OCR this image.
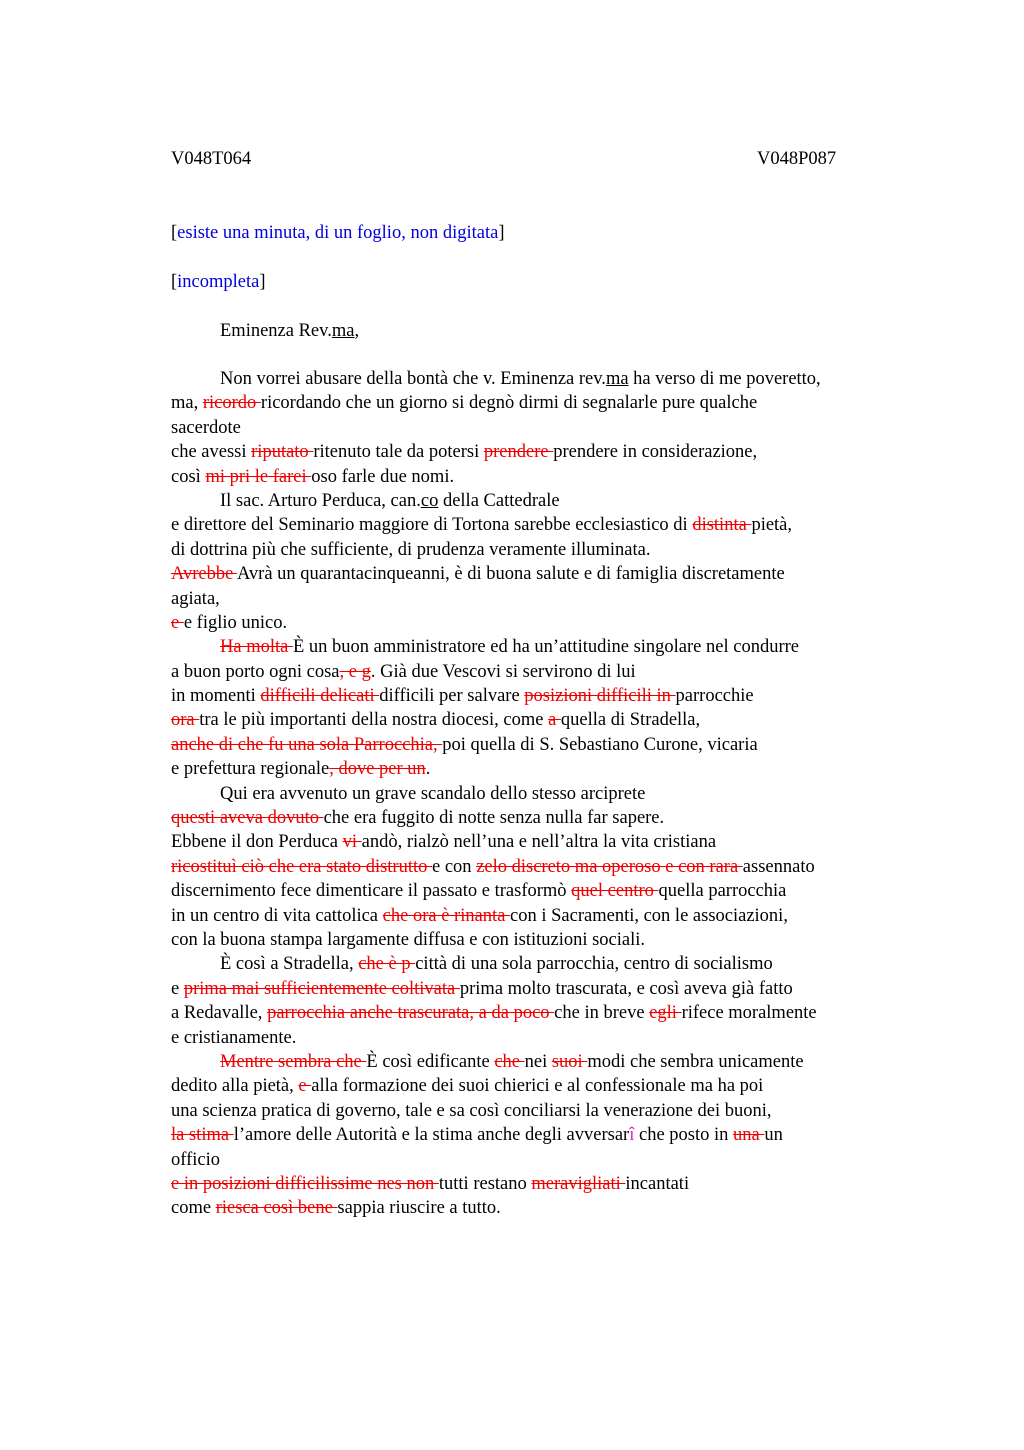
V048T064	V048P087
[esiste una minuta, di un foglio, non digitata]
[incompleta]
Eminenza Rev.ma,
Non vorrei abusare della bontà che v. Eminenza rev.ma ha verso di me poveretto,
ma, ricordo ricordando che un giorno si degnò dirmi di segnalarle pure qualche
sacerdote
che avessi riputato ritenuto tale da potersi prendere prendere in considerazione,
così mi pri le farei oso farle due nomi.
Il sac. Arturo Perduca, can.co della Cattedrale
e direttore del Seminario maggiore di Tortona sarebbe ecclesiastico di distinta pietà,
di dottrina più che sufficiente, di prudenza veramente illuminata.
Avrebbe Avrà un quarantacinqueanni, è di buona salute e di famiglia discretamente
agiata,
e e figlio unico.
Ha molta È un buon amministratore ed ha un’attitudine singolare nel condurre
a buon porto ogni cosa, e g. Già due Vescovi si servirono di lui
in momenti difficili delicati difficili per salvare posizioni difficili in parrocchie
ora tra le più importanti della nostra diocesi, come a quella di Stradella,
anche di che fu una sola Parrocchia, poi quella di S. Sebastiano Curone, vicaria
e prefettura regionale, dove per un.
Qui era avvenuto un grave scandalo dello stesso arciprete
questi aveva dovuto che era fuggito di notte senza nulla far sapere.
Ebbene il don Perduca vi andò, rialzò nell’una e nell’altra la vita cristiana
ricostituì ciò che era stato distrutto e con zelo discreto ma operoso e con rara assennato
discernimento fece dimenticare il passato e trasformò quel centro quella parrocchia
in un centro di vita cattolica che ora è rinanta con i Sacramenti, con le associazioni,
con la buona stampa largamente diffusa e con istituzioni sociali.
È così a Stradella, che è p città di una sola parrocchia, centro di socialismo
e prima mai sufficientemente coltivata prima molto trascurata, e così aveva già fatto
a Redavalle, parrocchia anche trascurata, a da poco che in breve egli rifece moralmente
e cristianamente.
Mentre sembra che È così edificante che nei suoi modi che sembra unicamente
dedito alla pietà, e alla formazione dei suoi chierici e al confessionale ma ha poi
una scienza pratica di governo, tale e sa così conciliarsi la venerazione dei buoni,
la stima l’amore delle Autorità e la stima anche degli avversarî che posto in una un
officio
e in posizioni difficilissime nes non tutti restano meravigliati incantati
come riesca così bene sappia riuscire a tutto.
